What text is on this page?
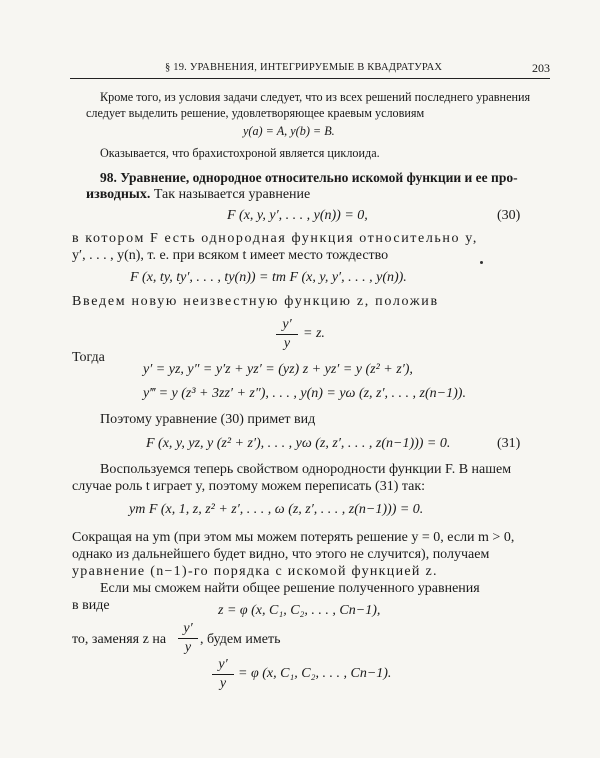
§ 19. УРАВНЕНИЯ, ИНТЕГРИРУЕМЫЕ В КВАДРАТУРАХ	203
Кроме того, из условия задачи следует, что из всех решений последнего уравнения
следует выделить решение, удовлетворяющее краевым условиям
y(a) = A, y(b) = B.
Оказывается, что брахистохроной является циклоида.
98. Уравнение, однородное относительно искомой функции и ее про-
изводных. Так называется уравнение
F (x, y, y′, . . . , y(n)) = 0,	(30)
в котором F есть однородная функция относительно y,
y′, . . . , y(n), т. е. при всяком t имеет место тождество
F (x, ty, ty′, . . . , ty(n)) = tm F (x, y, y′, . . . , y(n)).
Введем новую неизвестную функцию z, положив
y′
y
= z.
Тогда
y′ = yz, y″ = y′z + yz′ = (yz) z + yz′ = y (z² + z′),
y‴ = y (z³ + 3zz′ + z″), . . . , y(n) = yω (z, z′, . . . , z(n−1)).
Поэтому уравнение (30) примет вид
F (x, y, yz, y (z² + z′), . . . , yω (z, z′, . . . , z(n−1))) = 0.	(31)
Воспользуемся теперь свойством однородности функции F. В нашем
случае роль t играет y, поэтому можем переписать (31) так:
ym F (x, 1, z, z² + z′, . . . , ω (z, z′, . . . , z(n−1))) = 0.
Сокращая на ym (при этом мы можем потерять решение y = 0, если m > 0,
однако из дальнейшего будет видно, что этого не случится), получаем
уравнение (n−1)-го порядка с искомой функцией z.
Если мы сможем найти общее решение полученного уравнения
в виде	z = φ (x, C₁, C₂, . . . , Cn−1),
то, заменяя z на
y′
y
, будем иметь
y′
y
= φ (x, C₁, C₂, . . . , Cn−1).
